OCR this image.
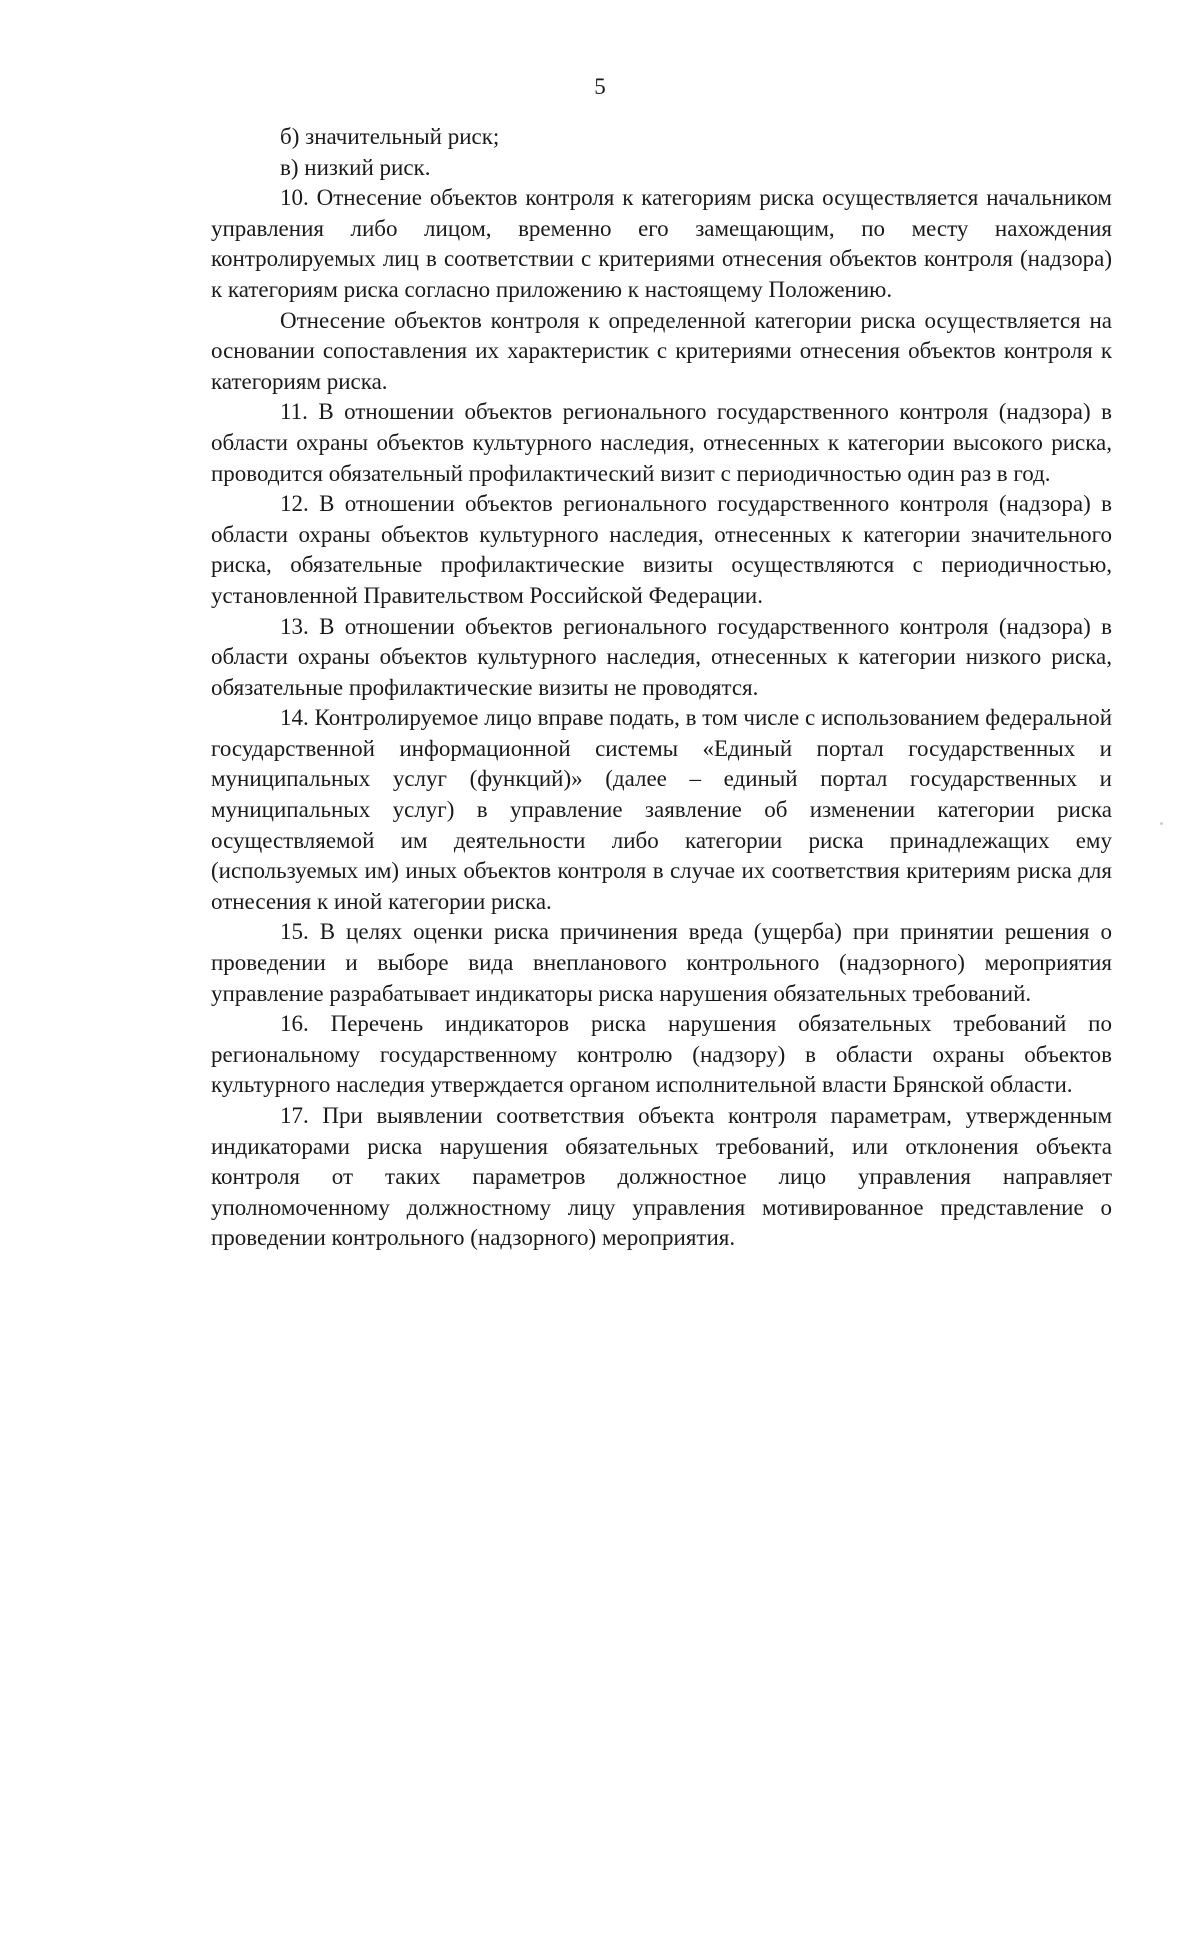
5

б) значительный риск;

в) низкий риск.

10. Отнесение объектов контроля к категориям риска осуществляется начальником управления либо лицом, временно его замещающим, по месту нахождения контролируемых лиц в соответствии с критериями отнесения объектов контроля (надзора) к категориям риска согласно приложению к настоящему Положению.

Отнесение объектов контроля к определенной категории риска осуществляется на основании сопоставления их характеристик с критериями отнесения объектов контроля к категориям риска.

11. В отношении объектов регионального государственного контроля (надзора) в области охраны объектов культурного наследия, отнесенных к категории высокого риска, проводится обязательный профилактический визит с периодичностью один раз в год.

12. В отношении объектов регионального государственного контроля (надзора) в области охраны объектов культурного наследия, отнесенных к категории значительного риска, обязательные профилактические визиты осуществляются с периодичностью, установленной Правительством Российской Федерации.

13. В отношении объектов регионального государственного контроля (надзора) в области охраны объектов культурного наследия, отнесенных к категории низкого риска, обязательные профилактические визиты не проводятся.

14. Контролируемое лицо вправе подать, в том числе с использованием федеральной государственной информационной системы «Единый портал государственных и муниципальных услуг (функций)» (далее – единый портал государственных и муниципальных услуг) в управление заявление об изменении категории риска осуществляемой им деятельности либо категории риска принадлежащих ему (используемых им) иных объектов контроля в случае их соответствия критериям риска для отнесения к иной категории риска.

15. В целях оценки риска причинения вреда (ущерба) при принятии решения о проведении и выборе вида внепланового контрольного (надзорного) мероприятия управление разрабатывает индикаторы риска нарушения обязательных требований.

16. Перечень индикаторов риска нарушения обязательных требований по региональному государственному контролю (надзору) в области охраны объектов культурного наследия утверждается органом исполнительной власти Брянской области.

17. При выявлении соответствия объекта контроля параметрам, утвержденным индикаторами риска нарушения обязательных требований, или отклонения объекта контроля от таких параметров должностное лицо управления направляет уполномоченному должностному лицу управления мотивированное представление о проведении контрольного (надзорного) мероприятия.
